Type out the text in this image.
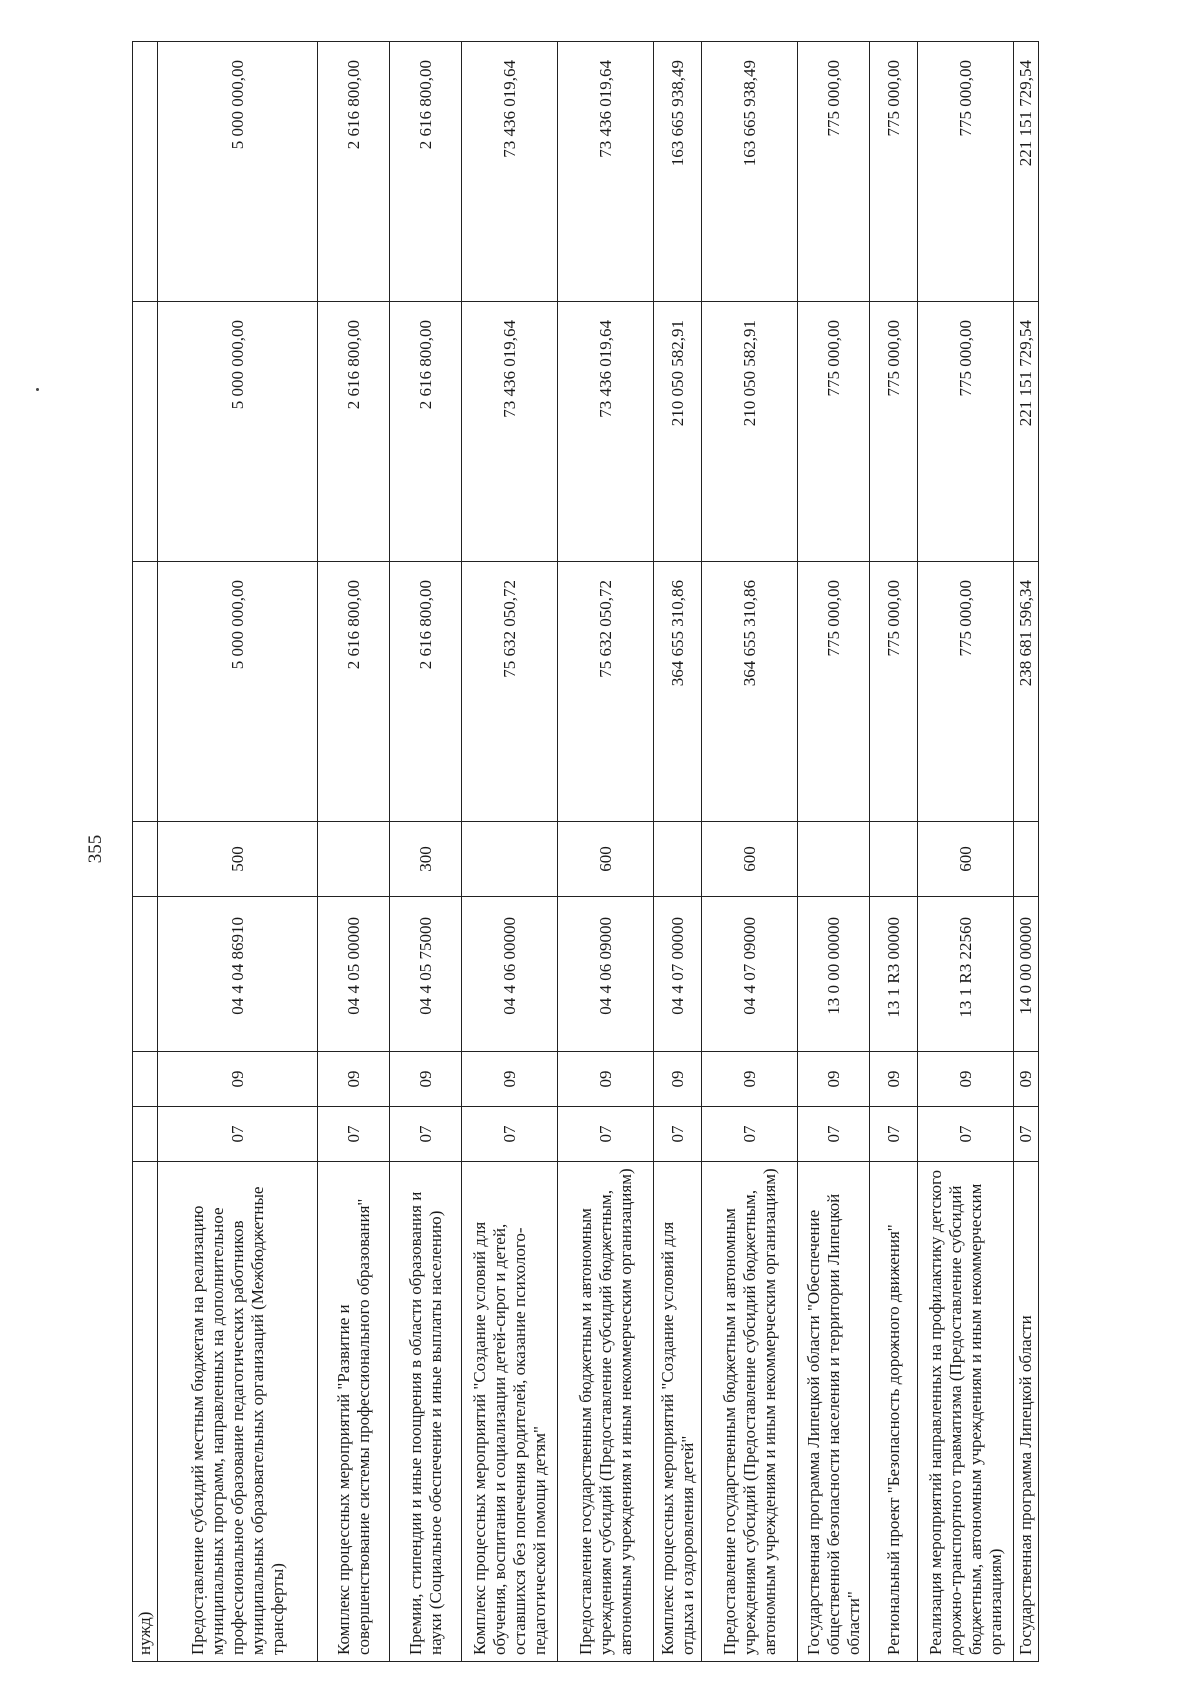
355
нужд)							
Предоставление субсидий местным бюджетам на реализацию муниципальных программ, направленных на дополнительное профессиональное образование педагогических работников муниципальных образовательных организаций (Межбюджетные трансферты)	07	09	04 4 04 86910	500	5 000 000,00	5 000 000,00	5 000 000,00
Комплекс процессных мероприятий "Развитие и совершенствование системы профессионального образования"	07	09	04 4 05 00000		2 616 800,00	2 616 800,00	2 616 800,00
Премии, стипендии и иные поощрения в области образования и науки (Социальное обеспечение и иные выплаты населению)	07	09	04 4 05 75000	300	2 616 800,00	2 616 800,00	2 616 800,00
Комплекс процессных мероприятий "Создание условий для обучения, воспитания и социализации детей-сирот и детей, оставшихся без попечения родителей, оказание психолого-педагогической помощи детям"	07	09	04 4 06 00000		75 632 050,72	73 436 019,64	73 436 019,64
Предоставление государственным бюджетным и автономным учреждениям субсидий (Предоставление субсидий бюджетным, автономным учреждениям и иным некоммерческим организациям)	07	09	04 4 06 09000	600	75 632 050,72	73 436 019,64	73 436 019,64
Комплекс процессных мероприятий "Создание условий для отдыха и оздоровления детей"	07	09	04 4 07 00000		364 655 310,86	210 050 582,91	163 665 938,49
Предоставление государственным бюджетным и автономным учреждениям субсидий (Предоставление субсидий бюджетным, автономным учреждениям и иным некоммерческим организациям)	07	09	04 4 07 09000	600	364 655 310,86	210 050 582,91	163 665 938,49
Государственная программа Липецкой области "Обеспечение общественной безопасности населения и территории Липецкой области"	07	09	13 0 00 00000		775 000,00	775 000,00	775 000,00
Региональный проект "Безопасность дорожного движения"	07	09	13 1 R3 00000		775 000,00	775 000,00	775 000,00
Реализация мероприятий направленных на профилактику детского дорожно-транспортного травматизма (Предоставление субсидий бюджетным, автономным учреждениям и иным некоммерческим организациям)	07	09	13 1 R3 22560	600	775 000,00	775 000,00	775 000,00
Государственная программа Липецкой области	07	09	14 0 00 00000		238 681 596,34	221 151 729,54	221 151 729,54
